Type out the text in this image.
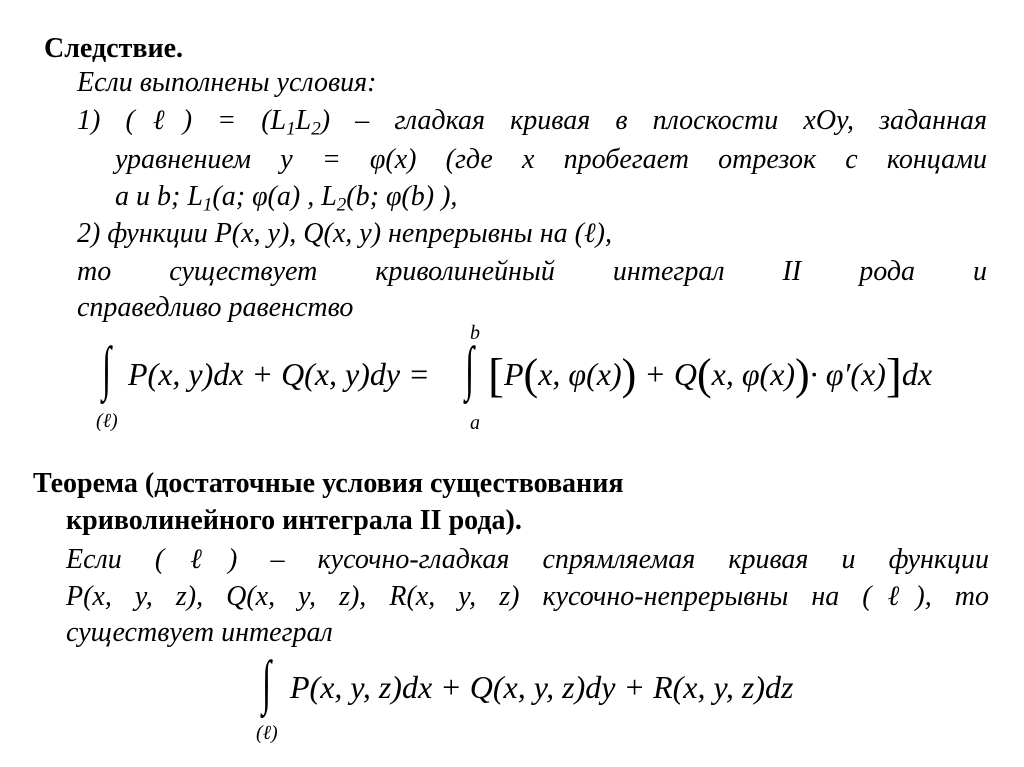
Следствие.
Если выполнены условия:
1) (ℓ) = $(L_1L_2)$ – гладкая кривая в плоскости xOy, заданная
уравнением y = φ(x) (где x пробегает отрезок с концами
a и b; $L_1(a$; φ(a) , $L_2(b$; φ(b) ),
2) функции P(x, y), Q(x, y) непрерывны на (ℓ),
то существует криволинейный интеграл II рода и
справедливо равенство
∫
(ℓ)
P(x, y)dx + Q(x, y)dy = ∫
b
a
[P(x, φ(x)) + Q(x, φ(x))· φ′(x)]dx
Теорема (достаточные условия существования
криволинейного интеграла II рода).
Если (ℓ) – кусочно-гладкая спрямляемая кривая и функции
P(x, y, z), Q(x, y, z), R(x, y, z) кусочно-непрерывны на (ℓ), то
существует интеграл
∫
(ℓ)
P(x, y, z)dx + Q(x, y, z)dy + R(x, y, z)dz
